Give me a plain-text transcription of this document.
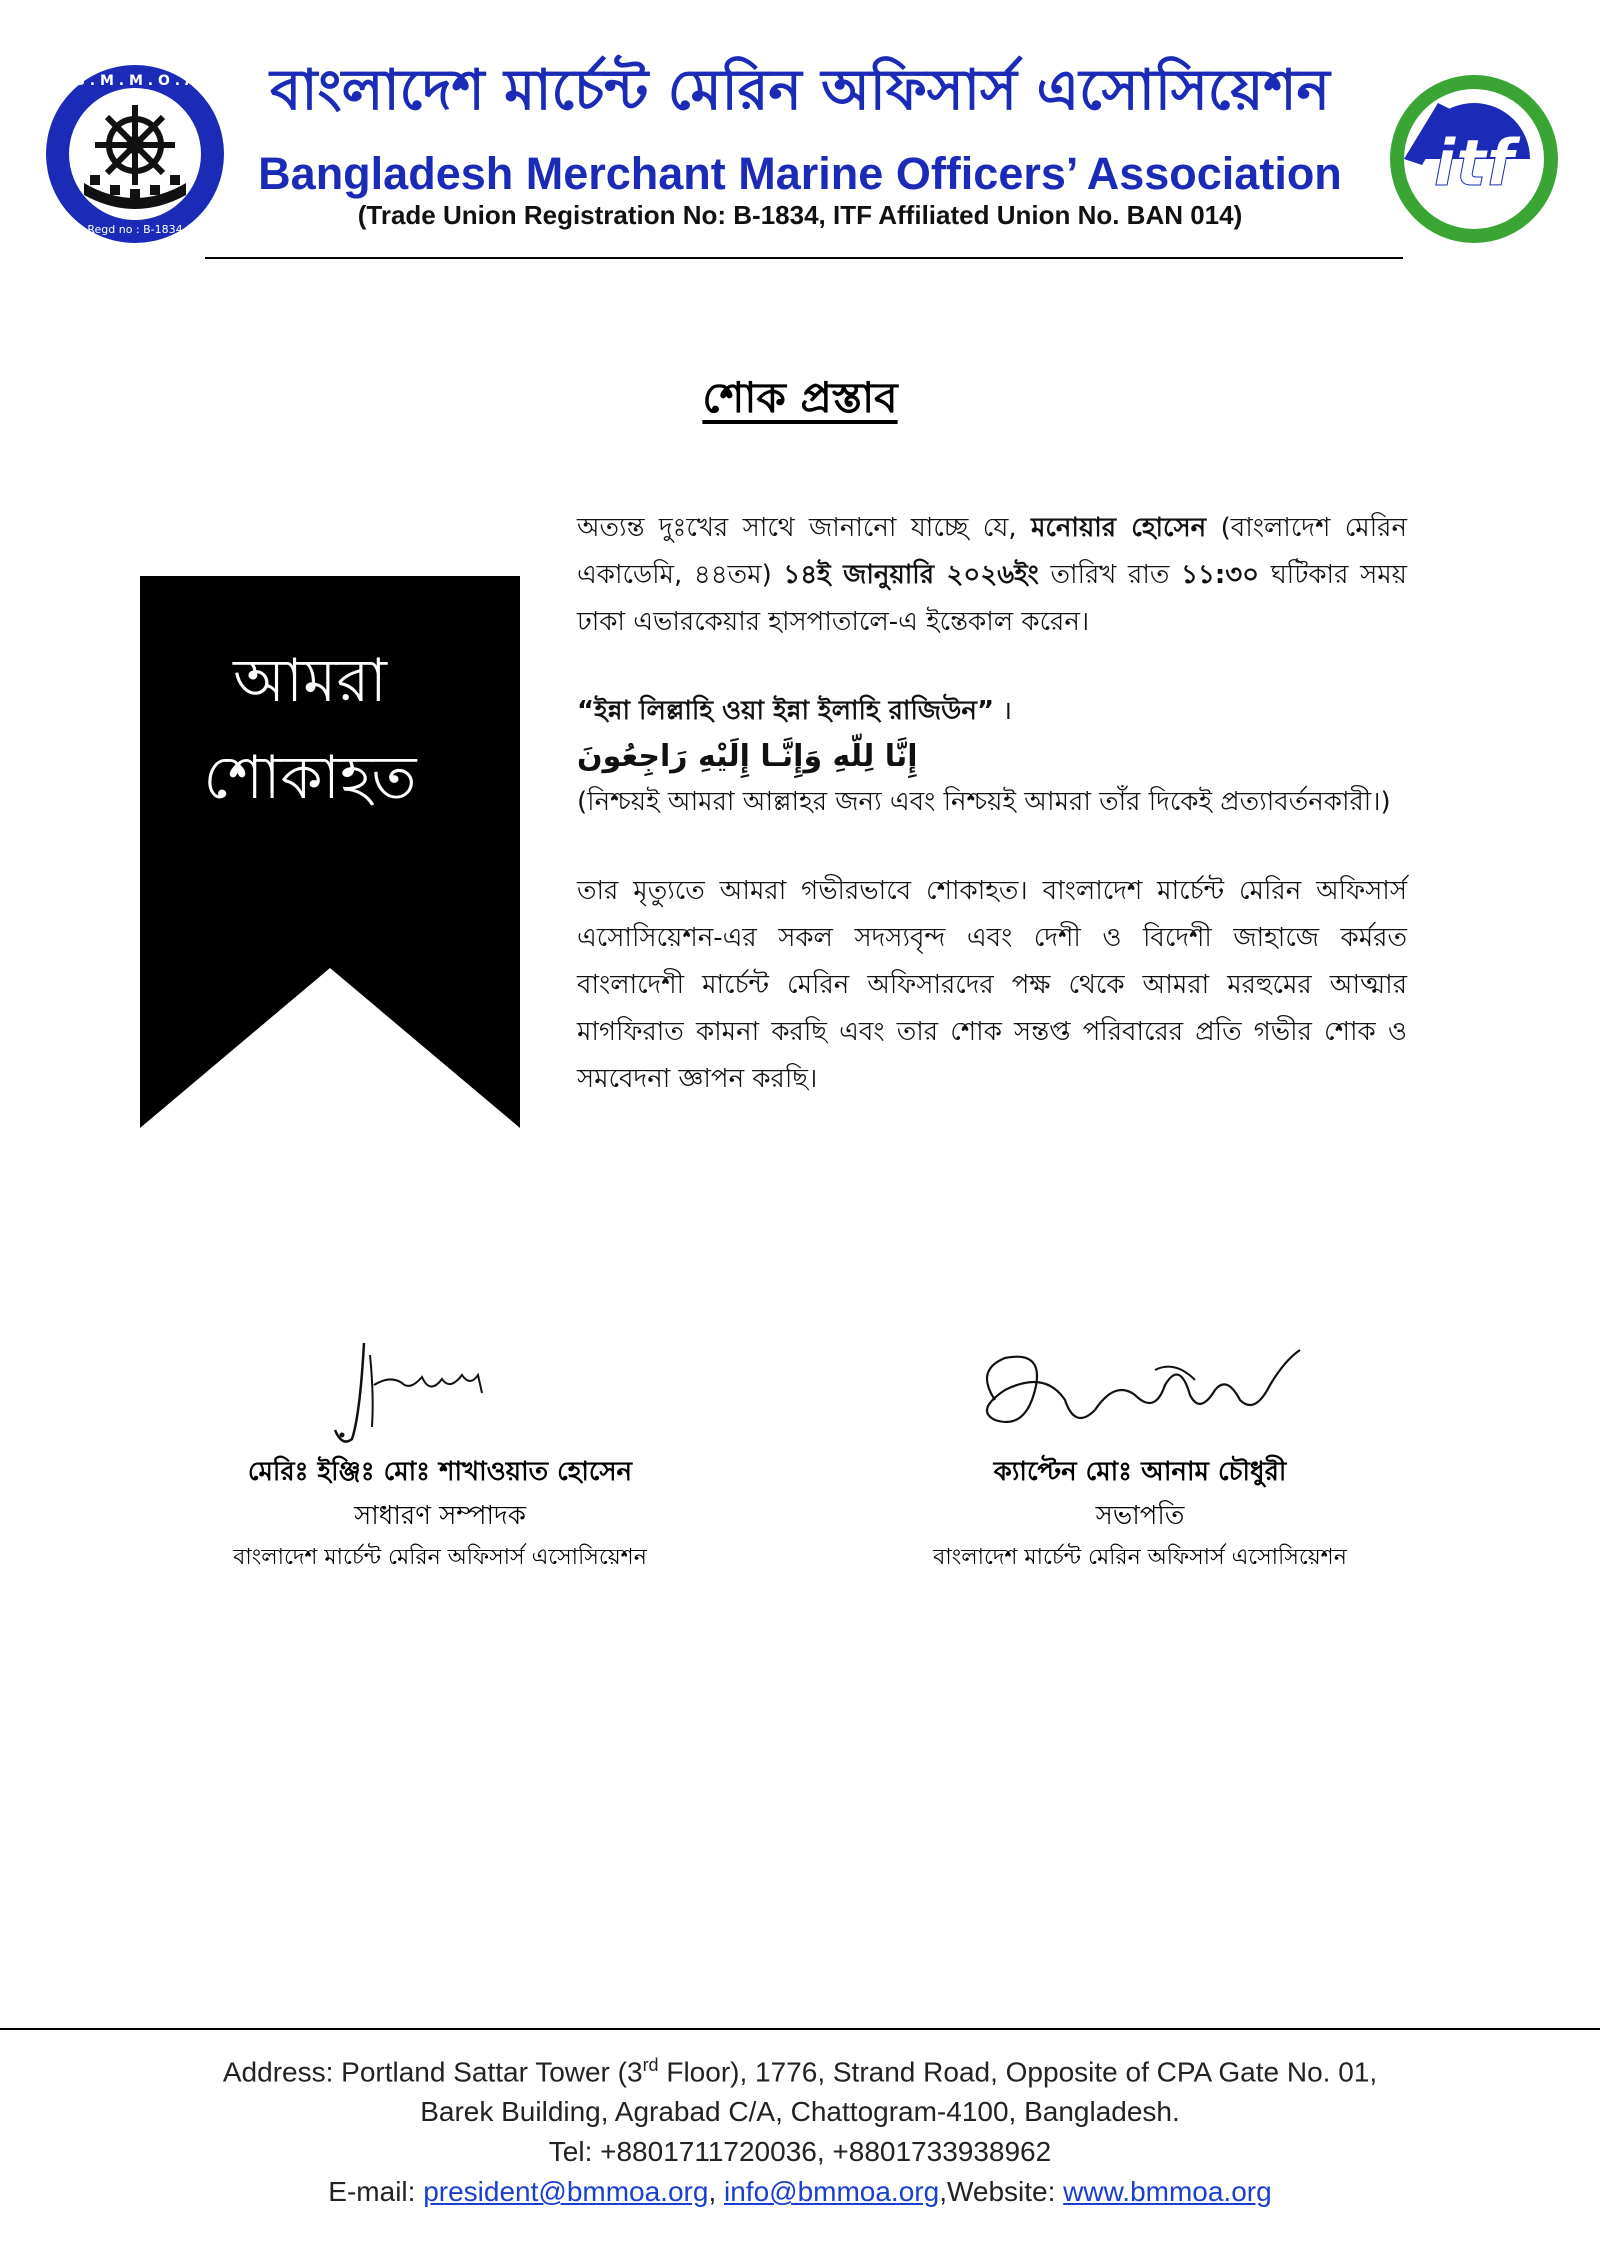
B . M . M . O . A
Regd no : B-1834
itf
বাংলাদেশ মার্চেন্ট মেরিন অফিসার্স এসোসিয়েশন
Bangladesh Merchant Marine Officers’ Association
(Trade Union Registration No: B-1834, ITF Affiliated Union No. BAN 014)
শোক প্রস্তাব
আমরা
শোকাহত

অত্যন্ত দুঃখের সাথে জানানো যাচ্ছে যে, মনোয়ার হোসেন (বাংলাদেশ মেরিন একাডেমি, ৪৪তম) ১৪ই জানুয়ারি ২০২৬ইং তারিখ রাত ১১:৩০ ঘটিকার সময় ঢাকা এভারকেয়ার হাসপাতালে-এ ইন্তেকাল করেন।

“ইন্না লিল্লাহি ওয়া ইন্না ইলাহি রাজিউন” ।

إِنَّا لِلّهِ وَإِنَّـا إِلَيْهِ رَاجِعُونَ

(নিশ্চয়ই আমরা আল্লাহর জন্য এবং নিশ্চয়ই আমরা তাঁর দিকেই প্রত্যাবর্তনকারী।)

তার মৃত্যুতে আমরা গভীরভাবে শোকাহত। বাংলাদেশ মার্চেন্ট মেরিন অফিসার্স এসোসিয়েশন-এর সকল সদস্যবৃন্দ এবং দেশী ও বিদেশী জাহাজে কর্মরত বাংলাদেশী মার্চেন্ট মেরিন অফিসারদের পক্ষ থেকে আমরা মরহুমের আত্মার মাগফিরাত কামনা করছি এবং তার শোক সন্তপ্ত পরিবারের প্রতি গভীর শোক ও সমবেদনা জ্ঞাপন করছি।

মেরিঃ ইঞ্জিঃ মোঃ শাখাওয়াত হোসেন
সাধারণ সম্পাদক
বাংলাদেশ মার্চেন্ট মেরিন অফিসার্স এসোসিয়েশন
ক্যাপ্টেন মোঃ আনাম চৌধুরী
সভাপতি
বাংলাদেশ মার্চেন্ট মেরিন অফিসার্স এসোসিয়েশন
Address: Portland Sattar Tower (3rd Floor), 1776, Strand Road, Opposite of CPA Gate No. 01,
Barek Building, Agrabad C/A, Chattogram-4100, Bangladesh.
Tel: +8801711720036, +8801733938962
E-mail: president@bmmoa.org, info@bmmoa.org,Website: www.bmmoa.org
